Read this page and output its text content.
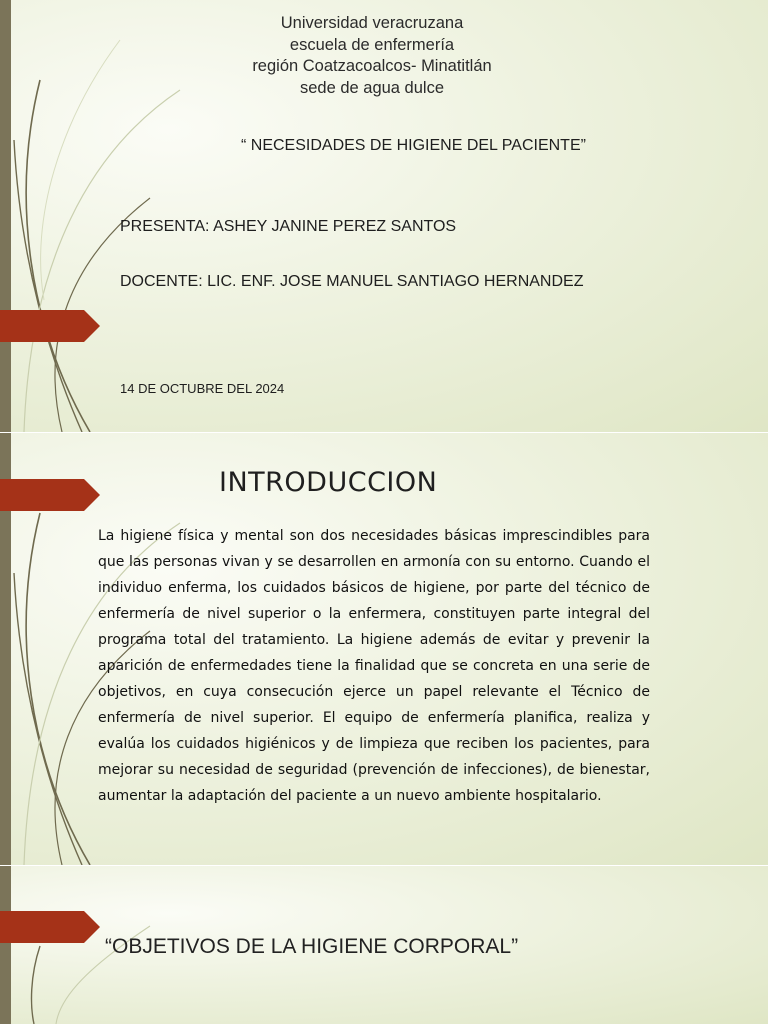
Universidad veracruzana
escuela de enfermería
región Coatzacoalcos- Minatitlán
sede de agua dulce
“ NECESIDADES DE HIGIENE DEL PACIENTE”
PRESENTA: ASHEY JANINE PEREZ SANTOS
DOCENTE: LIC. ENF. JOSE MANUEL SANTIAGO HERNANDEZ
14 DE OCTUBRE DEL 2024
INTRODUCCION
La higiene física y mental son dos necesidades básicas imprescindibles para que las personas vivan y se desarrollen en armonía con su entorno. Cuando el individuo enferma, los cuidados básicos de higiene, por parte del técnico de enfermería de nivel superior o la enfermera, constituyen parte integral del programa total del tratamiento. La higiene además de evitar y prevenir la aparición de enfermedades tiene la finalidad que se concreta en una serie de objetivos, en cuya consecución ejerce un papel relevante el Técnico de enfermería de nivel superior. El equipo de enfermería planifica, realiza y evalúa los cuidados higiénicos y de limpieza que reciben los pacientes, para mejorar su necesidad de seguridad (prevención de infecciones), de bienestar, aumentar la adaptación del paciente a un nuevo ambiente hospitalario.
“OBJETIVOS DE LA HIGIENE CORPORAL”
